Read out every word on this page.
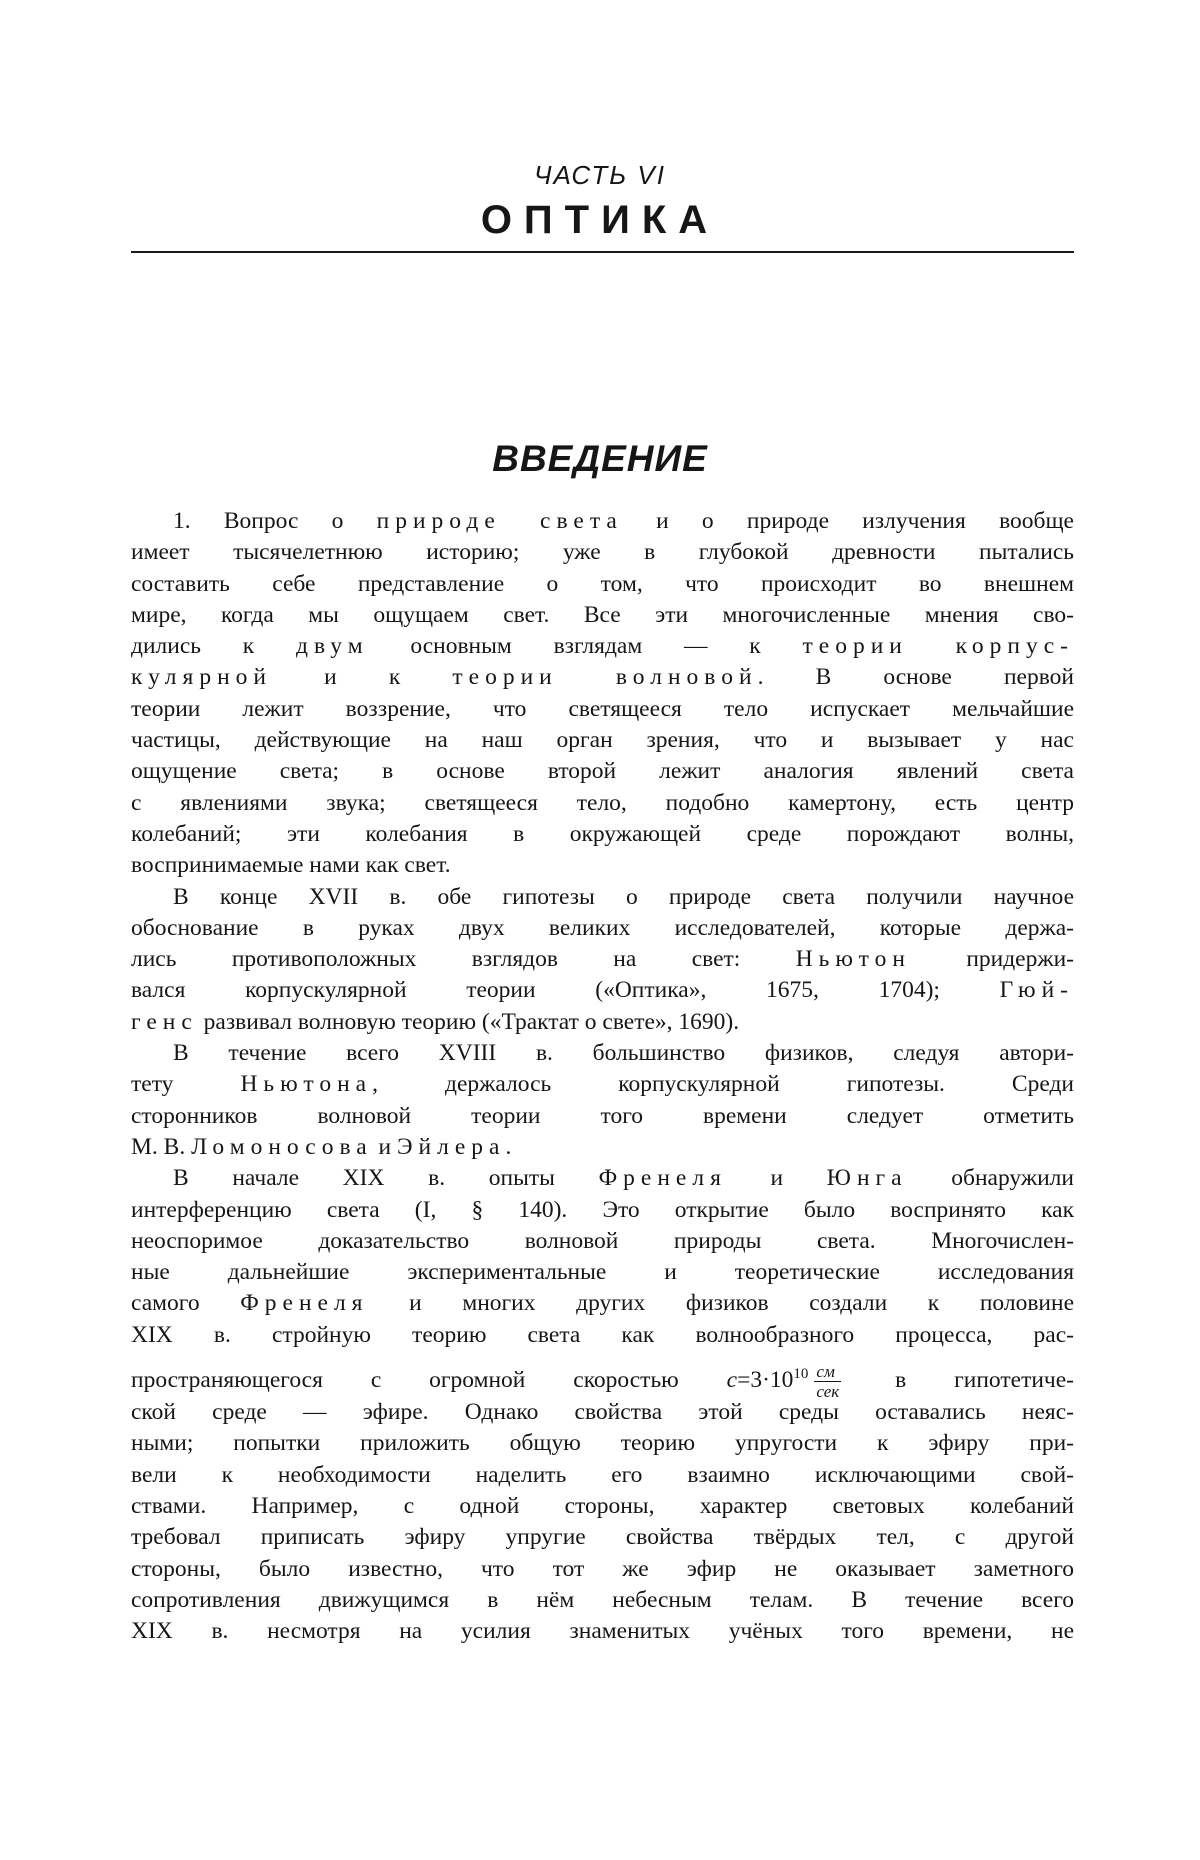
ЧАСТЬ VI
ОПТИКА
ВВЕДЕНИЕ
1. Вопрос о природе света и о природе излучения вообще
имеет тысячелетнюю историю; уже в глубокой древности пытались
составить себе представление о том, что происходит во внешнем
мире, когда мы ощущаем свет. Все эти многочисленные мнения сво-
дились к двум основным взглядам — к теории корпус-
кулярной и к теории волновой. В основе первой
теории лежит воззрение, что светящееся тело испускает мельчайшие
частицы, действующие на наш орган зрения, что и вызывает у нас
ощущение света; в основе второй лежит аналогия явлений света
с явлениями звука; светящееся тело, подобно камертону, есть центр
колебаний; эти колебания в окружающей среде порождают волны,
воспринимаемые нами как свет.
В конце XVII в. обе гипотезы о природе света получили научное
обоснование в руках двух великих исследователей, которые держа-
лись противоположных взглядов на свет: Ньютон придержи-
вался корпускулярной теории («Оптика», 1675, 1704); Гюй-
генс развивал волновую теорию («Трактат о свете», 1690).
В течение всего XVIII в. большинство физиков, следуя автори-
тету Ньютона, держалось корпускулярной гипотезы. Среди
сторонников волновой теории того времени следует отметить
М. В. Ломоносова и Эйлера.
В начале XIX в. опыты Френеля и Юнга обнаружили
интерференцию света (I, § 140). Это открытие было воспринято как
неоспоримое доказательство волновой природы света. Многочислен-
ные дальнейшие экспериментальные и теоретические исследования
самого Френеля и многих других физиков создали к половине
XIX в. стройную теорию света как волнообразного процесса, рас-
пространяющегося с огромной скоростью $c=3\cdot 10^{10} \frac{см}{\text{сек}}$ в гипотетиче-
ской среде — эфире. Однако свойства этой среды оставались неяс-
ными; попытки приложить общую теорию упругости к эфиру при-
вели к необходимости наделить его взаимно исключающими свой-
ствами. Например, с одной стороны, характер световых колебаний
требовал приписать эфиру упругие свойства твёрдых тел, с другой
стороны, было известно, что тот же эфир не оказывает заметного
сопротивления движущимся в нём небесным телам. В течение всего
XIX в. несмотря на усилия знаменитых учёных того времени, не
